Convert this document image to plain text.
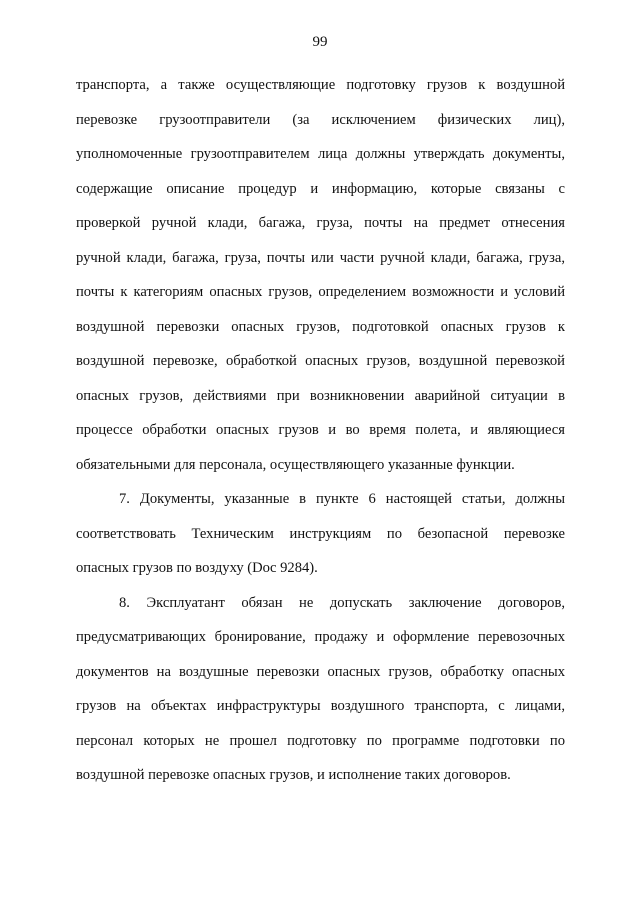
99
транспорта, а также осуществляющие подготовку грузов к воздушной
перевозке грузоотправители (за исключением физических лиц),
уполномоченные грузоотправителем лица должны утверждать документы,
содержащие описание процедур и информацию, которые связаны с
проверкой ручной клади, багажа, груза, почты на предмет отнесения
ручной клади, багажа, груза, почты или части ручной клади, багажа, груза,
почты к категориям опасных грузов, определением возможности и условий
воздушной перевозки опасных грузов, подготовкой опасных грузов к
воздушной перевозке, обработкой опасных грузов, воздушной перевозкой
опасных грузов, действиями при возникновении аварийной ситуации в
процессе обработки опасных грузов и во время полета, и являющиеся
обязательными для персонала, осуществляющего указанные функции.
7. Документы, указанные в пункте 6 настоящей статьи, должны
соответствовать Техническим инструкциям по безопасной перевозке
опасных грузов по воздуху (Doc 9284).
8. Эксплуатант обязан не допускать заключение договоров,
предусматривающих бронирование, продажу и оформление перевозочных
документов на воздушные перевозки опасных грузов, обработку опасных
грузов на объектах инфраструктуры воздушного транспорта, с лицами,
персонал которых не прошел подготовку по программе подготовки по
воздушной перевозке опасных грузов, и исполнение таких договоров.
